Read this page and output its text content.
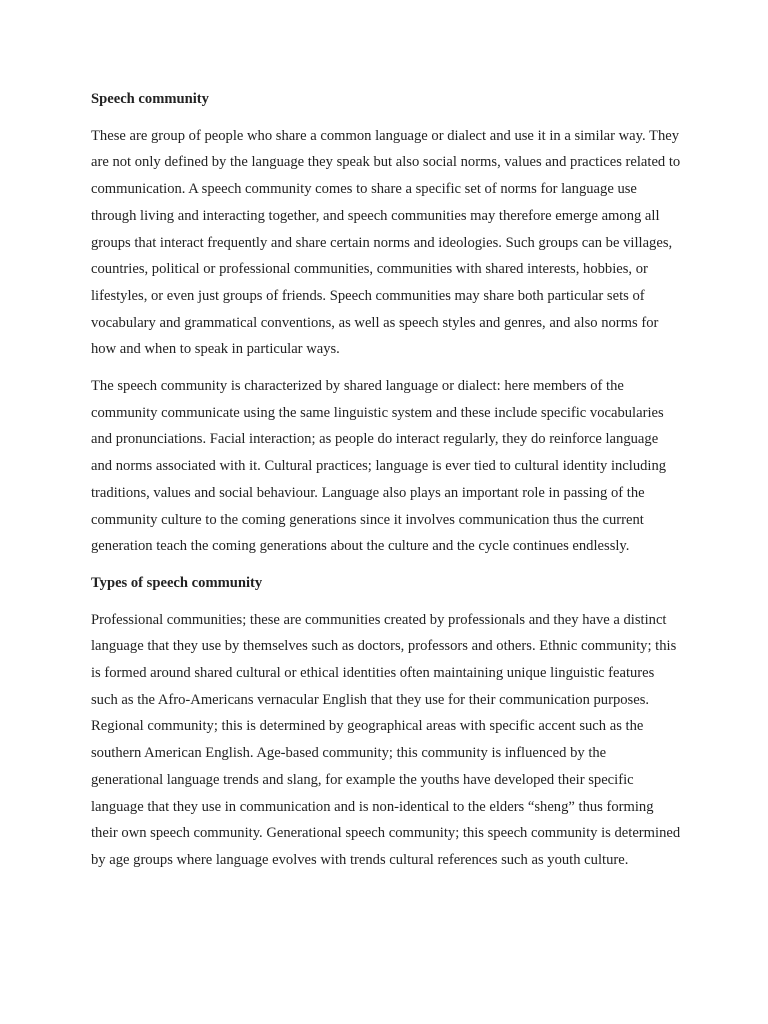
Speech community

These are group of people who share a common language or dialect and use it in a similar way. They are not only defined by the language they speak but also social norms, values and practices related to communication. A speech community comes to share a specific set of norms for language use through living and interacting together, and speech communities may therefore emerge among all groups that interact frequently and share certain norms and ideologies. Such groups can be villages, countries, political or professional communities, communities with shared interests, hobbies, or lifestyles, or even just groups of friends. Speech communities may share both particular sets of vocabulary and grammatical conventions, as well as speech styles and genres, and also norms for how and when to speak in particular ways.

The speech community is characterized by shared language or dialect: here members of the community communicate using the same linguistic system and these include specific vocabularies and pronunciations. Facial interaction; as people do interact regularly, they do reinforce language and norms associated with it. Cultural practices; language is ever tied to cultural identity including traditions, values and social behaviour. Language also plays an important role in passing of the community culture to the coming generations since it involves communication thus the current generation teach the coming generations about the culture and the cycle continues endlessly.

Types of speech community

Professional communities; these are communities created by professionals and they have a distinct language that they use by themselves such as doctors, professors and others. Ethnic community; this is formed around shared cultural or ethical identities often maintaining unique linguistic features such as the Afro-Americans vernacular English that they use for their communication purposes. Regional community; this is determined by geographical areas with specific accent such as the southern American English. Age-based community; this community is influenced by the generational language trends and slang, for example the youths have developed their specific language that they use in communication and is non-identical to the elders “sheng” thus forming their own speech community. Generational speech community; this speech community is determined by age groups where language evolves with trends cultural references such as youth culture.
